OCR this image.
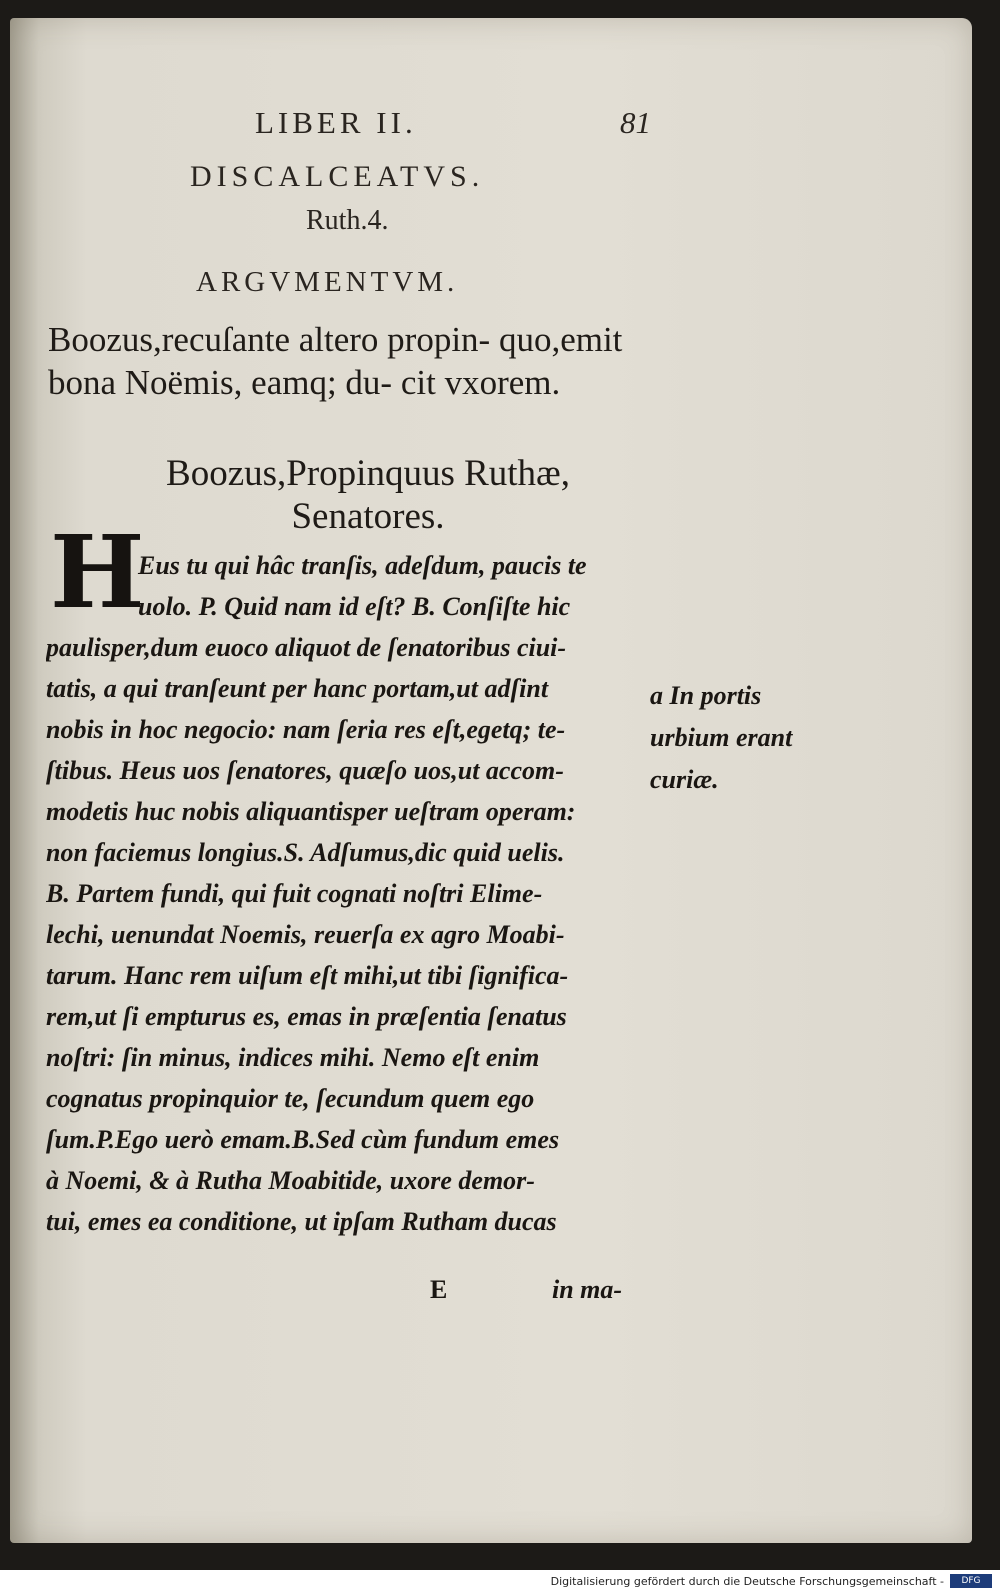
LIBER II.	81
DISCALCEATVS.
Ruth.4.
ARGVMENTVM.
Boozus,recuſante altero propin- quo,emit bona Noëmis, eamq; du- cit vxorem.
Boozus,Propinquus Ruthæ,
Senatores.
H
Eus tu qui hâc tranſis, adeſdum, paucis te
uolo. P. Quid nam id eſt? B. Conſiſte hic
paulisper,dum euoco aliquot de ſenatoribus ciui-
tatis, a qui tranſeunt per hanc portam,ut adſint
nobis in hoc negocio: nam ſeria res eſt,egetq; te-
ſtibus. Heus uos ſenatores, quæſo uos,ut accom-
modetis huc nobis aliquantisper ueſtram operam:
non faciemus longius.S. Adſumus,dic quid uelis.
B. Partem fundi, qui fuit cognati noſtri Elime-
lechi, uenundat Noemis, reuerſa ex agro Moabi-
tarum. Hanc rem uiſum eſt mihi,ut tibi ſignifica-
rem,ut ſi empturus es, emas in præſentia ſenatus
noſtri: ſin minus, indices mihi. Nemo eſt enim
cognatus propinquior te, ſecundum quem ego
ſum.P.Ego uerò emam.B.Sed cùm fundum emes
à Noemi, & à Rutha Moabitide, uxore demor-
tui, emes ea conditione, ut ipſam Rutham ducas
a In portis
urbium erant
curiæ.
E	in ma-
Digitalisierung gefördert durch die Deutsche Forschungsgemeinschaft -	DFG
